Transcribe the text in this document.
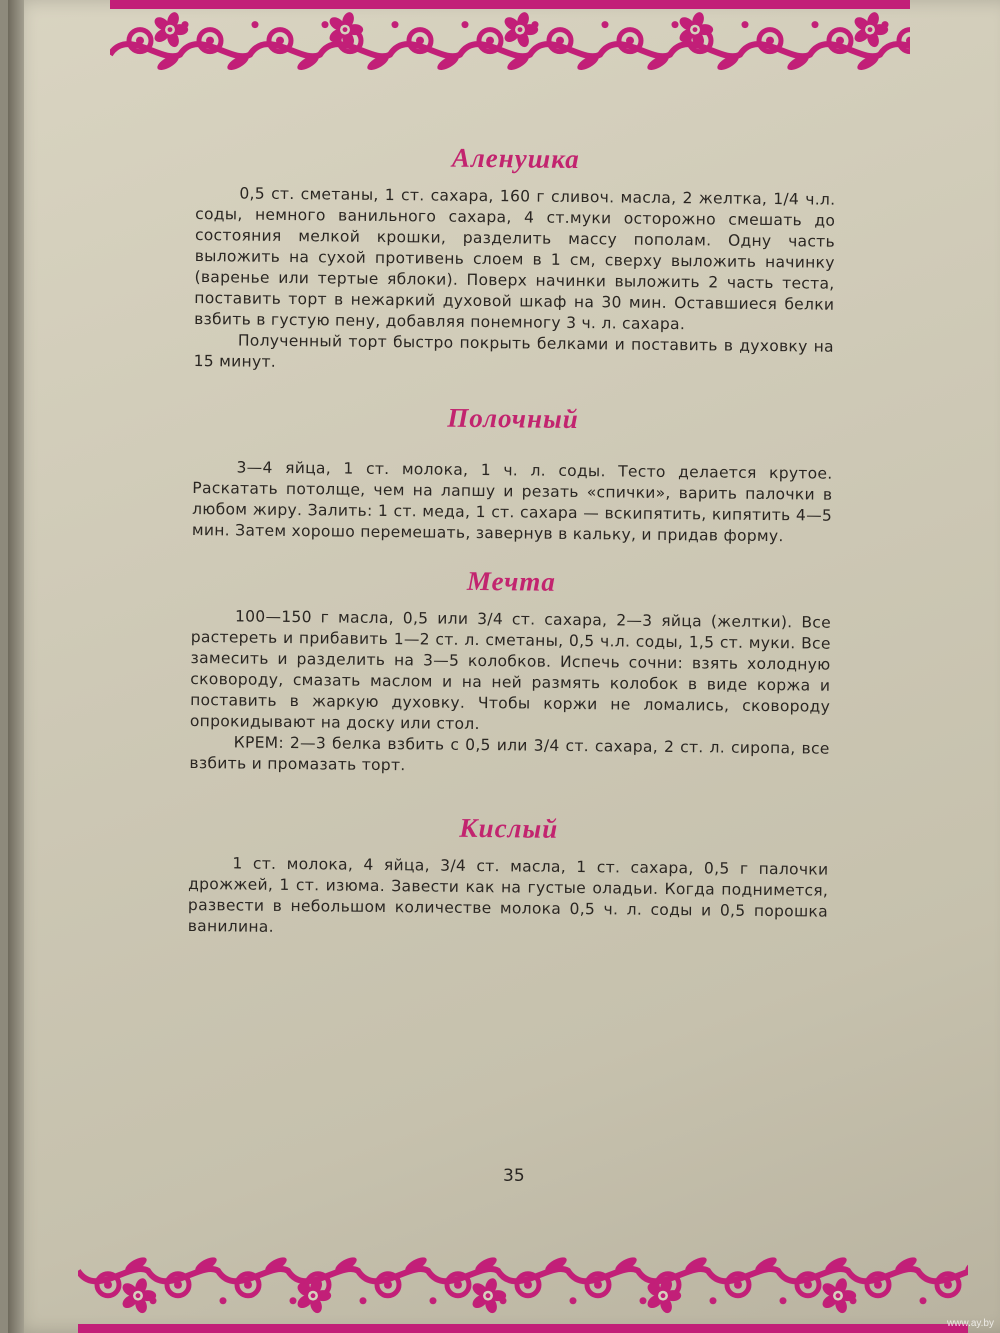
Аленушка

0,5 ст. сметаны, 1 ст. сахара, 160 г сливоч. масла, 2 желтка, 1/4 ч.л. соды, немного ванильного сахара, 4 ст.муки осторожно смешать до состояния мелкой крошки, разделить массу пополам. Одну часть выложить на сухой противень слоем в 1 см, сверху выложить начинку (варенье или тертые яблоки). Поверх начинки выложить 2 часть теста, поставить торт в нежаркий духовой шкаф на 30 мин. Оставшиеся белки взбить в густую пену, добавляя понемногу 3 ч. л. сахара.

Полученный торт быстро покрыть белками и поставить в духовку на 15 минут.

Полочный

3—4 яйца, 1 ст. молока, 1 ч. л. соды. Тесто делается крутое. Раскатать потолще, чем на лапшу и резать «спички», варить палочки в любом жиру. Залить: 1 ст. меда, 1 ст. сахара — вскипятить, кипятить 4—5 мин. Затем хорошо перемешать, завернув в кальку, и придав форму.

Мечта

100—150 г масла, 0,5 или 3/4 ст. сахара, 2—3 яйца (желтки). Все растереть и прибавить 1—2 ст. л. сметаны, 0,5 ч.л. соды, 1,5 ст. муки. Все замесить и разделить на 3—5 колобков. Испечь сочни: взять холодную сковороду, смазать маслом и на ней размять колобок в виде коржа и поставить в жаркую духовку. Чтобы коржи не ломались, сковороду опрокидывают на доску или стол.

КРЕМ: 2—3 белка взбить с 0,5 или 3/4 ст. сахара, 2 ст. л. сиропа, все взбить и промазать торт.

Кислый

1 ст. молока, 4 яйца, 3/4 ст. масла, 1 ст. сахара, 0,5 г палочки дрожжей, 1 ст. изюма. Завести как на густые оладьи. Когда поднимется, развести в небольшом количестве молока 0,5 ч. л. соды и 0,5 порошка ванилина.

35
www.ay.by
